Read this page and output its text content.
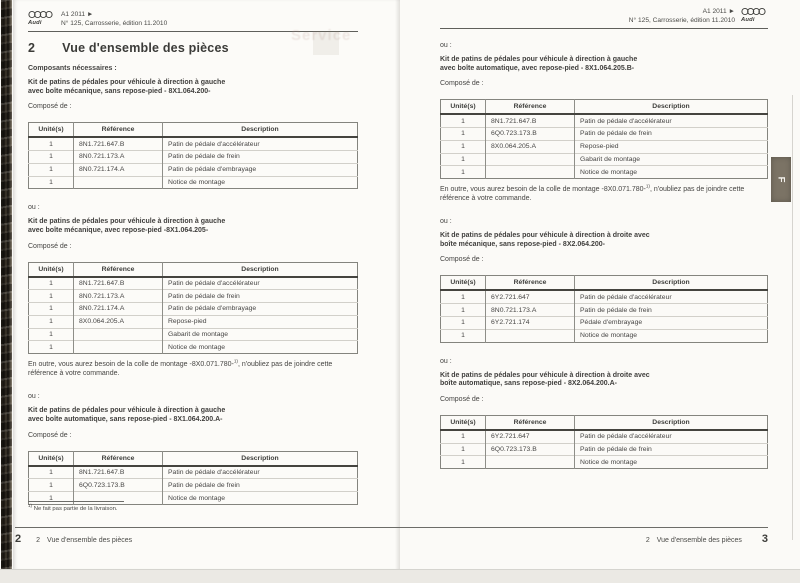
Audi
A1 2011 ►
N° 125, Carrosserie, édition 11.2010
2 Vue d'ensemble des pièces

Composants nécessaires :

Kit de patins de pédales pour véhicule à direction à gauche
avec boîte mécanique, sans repose-pied - 8X1.064.200-

Composé de :

Unité(s)	Référence	Description
1	8N1.721.647.B	Patin de pédale d'accélérateur
1	8N0.721.173.A	Patin de pédale de frein
1	8N0.721.174.A	Patin de pédale d'embrayage
1		Notice de montage

ou :

Kit de patins de pédales pour véhicule à direction à gauche
avec boîte mécanique, avec repose-pied -8X1.064.205-

Composé de :

Unité(s)	Référence	Description
1	8N1.721.647.B	Patin de pédale d'accélérateur
1	8N0.721.173.A	Patin de pédale de frein
1	8N0.721.174.A	Patin de pédale d'embrayage
1	8X0.064.205.A	Repose-pied
1		Gabarit de montage
1		Notice de montage

En outre, vous aurez besoin de la colle de montage -8X0.071.780-$^{1)}$, n'oubliez pas de joindre cette
référence à votre commande.

ou :

Kit de patins de pédales pour véhicule à direction à gauche
avec boîte automatique, sans repose-pied - 8X1.064.200.A-

Composé de :

Unité(s)	Référence	Description
1	8N1.721.647.B	Patin de pédale d'accélérateur
1	6Q0.723.173.B	Patin de pédale de frein
1		Notice de montage
$^{1)}$ Ne fait pas partie de la livraison.
2 2 Vue d'ensemble des pièces
Service
A1 2011 ►
N° 125, Carrosserie, édition 11.2010 Audi

ou :

Kit de patins de pédales pour véhicule à direction à gauche
avec boîte automatique, avec repose-pied - 8X1.064.205.B-

Composé de :

Unité(s)	Référence	Description
1	8N1.721.647.B	Patin de pédale d'accélérateur
1	6Q0.723.173.B	Patin de pédale de frein
1	8X0.064.205.A	Repose-pied
1		Gabarit de montage
1		Notice de montage

En outre, vous aurez besoin de la colle de montage -8X0.071.780-$^{1)}$, n'oubliez pas de joindre cette
référence à votre commande.

ou :

Kit de patins de pédales pour véhicule à direction à droite avec
boîte mécanique, sans repose-pied - 8X2.064.200-

Composé de :

Unité(s)	Référence	Description
1	6Y2.721.647	Patin de pédale d'accélérateur
1	8N0.721.173.A	Patin de pédale de frein
1	6Y2.721.174	Pédale d'embrayage
1		Notice de montage

ou :

Kit de patins de pédales pour véhicule à direction à droite avec
boîte automatique, sans repose-pied - 8X2.064.200.A-

Composé de :

Unité(s)	Référence	Description
1	6Y2.721.647	Patin de pédale d'accélérateur
1	6Q0.723.173.B	Patin de pédale de frein
1		Notice de montage
2 Vue d'ensemble des pièces 3
F
